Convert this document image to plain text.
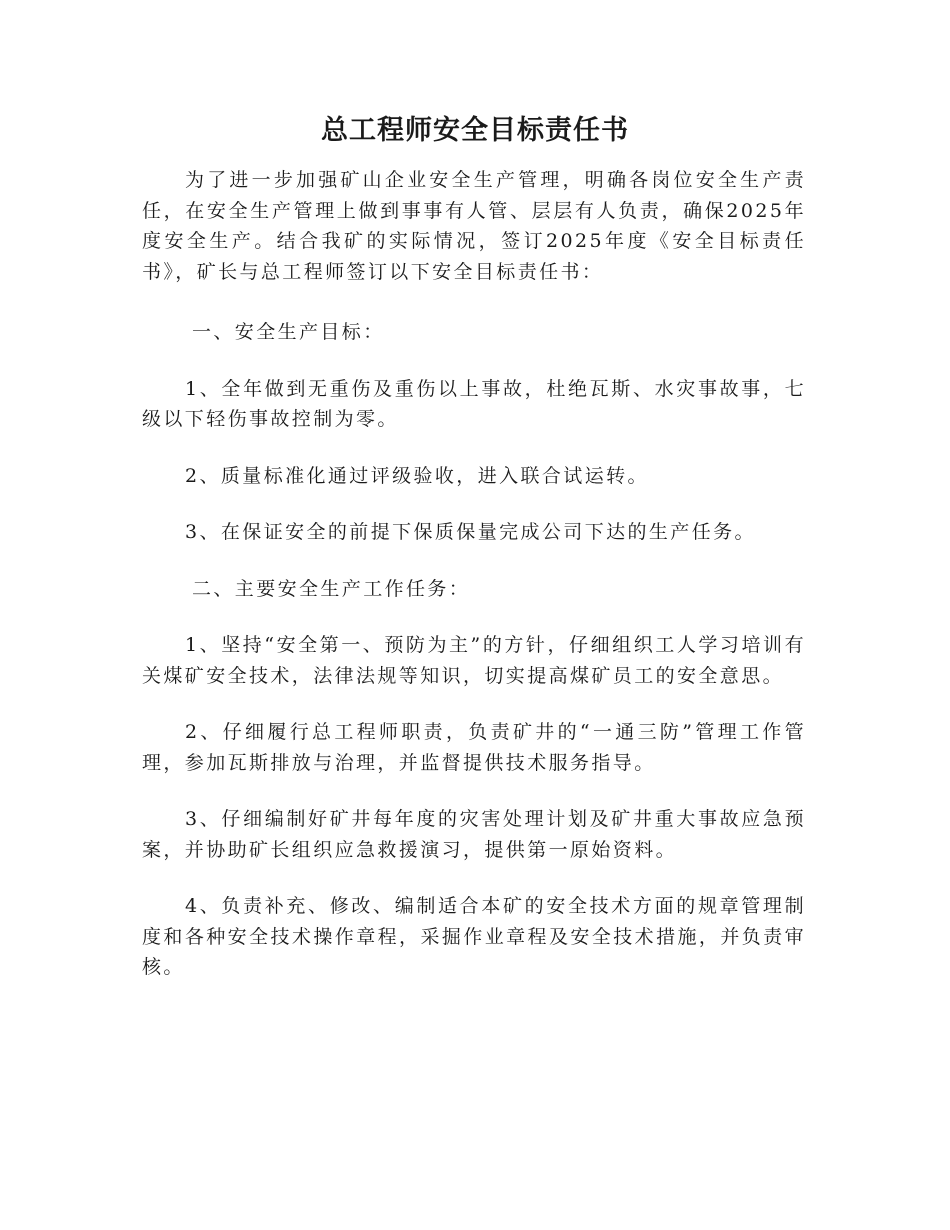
总工程师安全目标责任书

为了进一步加强矿山企业安全生产管理，明确各岗位安全生产责任，在安全生产管理上做到事事有人管、层层有人负责，确保2025年度安全生产。结合我矿的实际情况，签订2025年度《安全目标责任书》，矿长与总工程师签订以下安全目标责任书：

一、安全生产目标：

1、全年做到无重伤及重伤以上事故，杜绝瓦斯、水灾事故事，七级以下轻伤事故控制为零。

2、质量标准化通过评级验收，进入联合试运转。

3、在保证安全的前提下保质保量完成公司下达的生产任务。

二、主要安全生产工作任务：

1、坚持“安全第一、预防为主”的方针，仔细组织工人学习培训有关煤矿安全技术，法律法规等知识，切实提高煤矿员工的安全意思。

2、仔细履行总工程师职责，负责矿井的“一通三防”管理工作管理，参加瓦斯排放与治理，并监督提供技术服务指导。

3、仔细编制好矿井每年度的灾害处理计划及矿井重大事故应急预案，并协助矿长组织应急救援演习，提供第一原始资料。

4、负责补充、修改、编制适合本矿的安全技术方面的规章管理制度和各种安全技术操作章程，采掘作业章程及安全技术措施，并负责审核。
